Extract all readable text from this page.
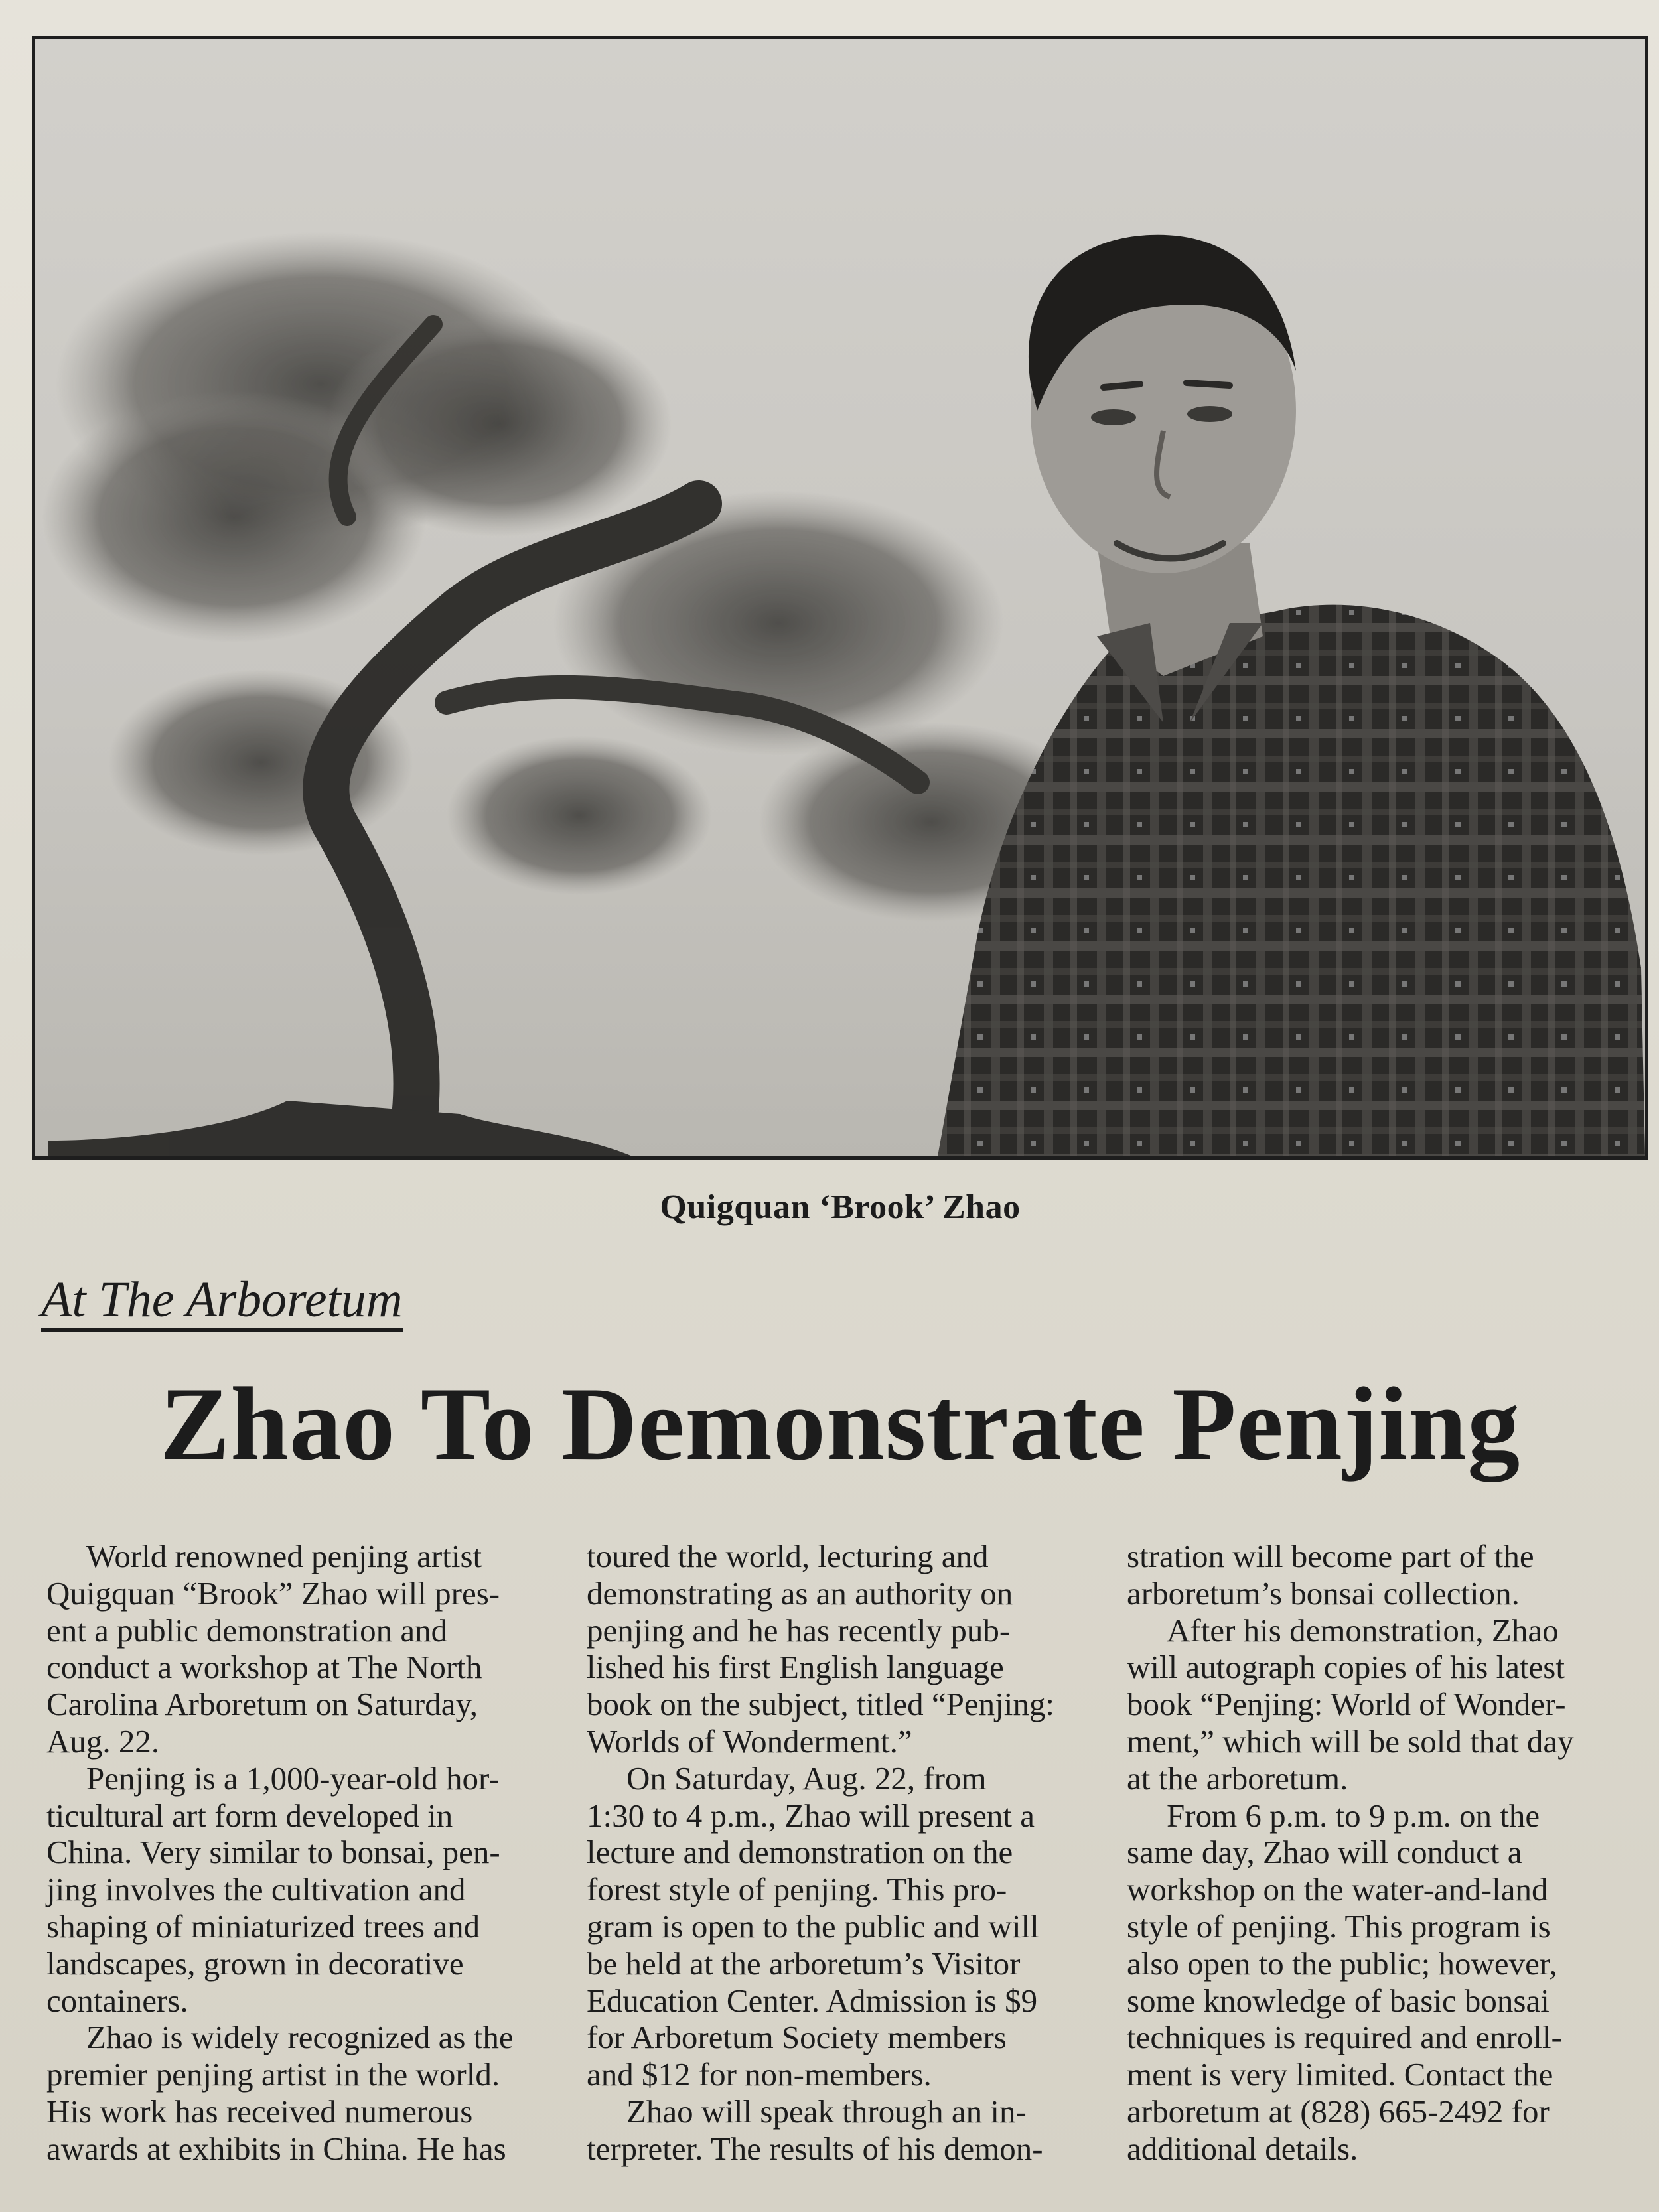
Quigquan ‘Brook’ Zhao
At The Arboretum
Zhao To Demonstrate Penjing

World renowned penjing artist
Quigquan “Brook” Zhao will pres-
ent a public demonstration and
conduct a workshop at The North
Carolina Arboretum on Saturday,
Aug. 22.

Penjing is a 1,000-year-old hor-
ticultural art form developed in
China. Very similar to bonsai, pen-
jing involves the cultivation and
shaping of miniaturized trees and
landscapes, grown in decorative
containers.

Zhao is widely recognized as the
premier penjing artist in the world.
His work has received numerous
awards at exhibits in China. He has

toured the world, lecturing and
demonstrating as an authority on
penjing and he has recently pub-
lished his first English language
book on the subject, titled “Penjing:
Worlds of Wonderment.”

On Saturday, Aug. 22, from
1:30 to 4 p.m., Zhao will present a
lecture and demonstration on the
forest style of penjing. This pro-
gram is open to the public and will
be held at the arboretum’s Visitor
Education Center. Admission is $9
for Arboretum Society members
and $12 for non-members.

Zhao will speak through an in-
terpreter. The results of his demon-

stration will become part of the
arboretum’s bonsai collection.

After his demonstration, Zhao
will autograph copies of his latest
book “Penjing: World of Wonder-
ment,” which will be sold that day
at the arboretum.

From 6 p.m. to 9 p.m. on the
same day, Zhao will conduct a
workshop on the water-and-land
style of penjing. This program is
also open to the public; however,
some knowledge of basic bonsai
techniques is required and enroll-
ment is very limited. Contact the
arboretum at (828) 665-2492 for
additional details.
